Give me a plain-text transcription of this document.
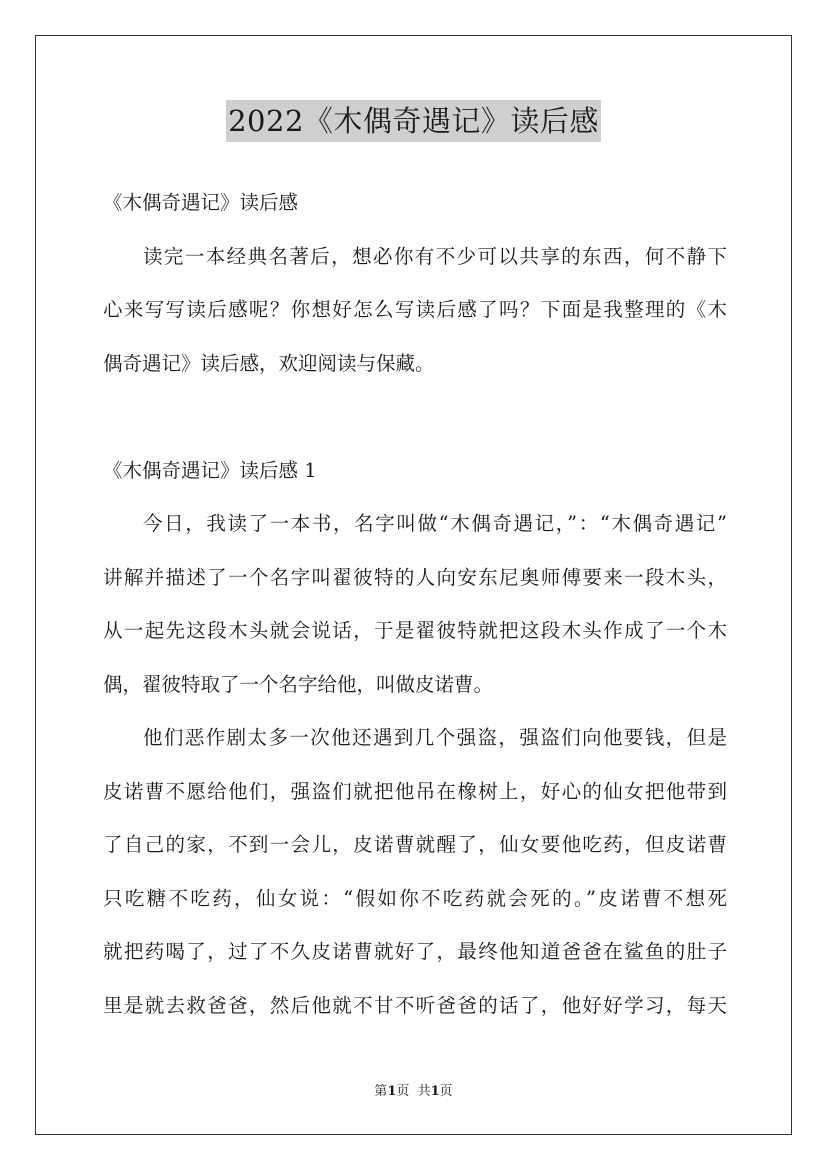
2022《木偶奇遇记》读后感
《木偶奇遇记》读后感
读完一本经典名著后，想必你有不少可以共享的东西，何不静下
心来写写读后感呢？你想好怎么写读后感了吗？下面是我整理的《木
偶奇遇记》读后感，欢迎阅读与保藏。
《木偶奇遇记》读后感 1
今日，我读了一本书，名字叫做“木偶奇遇记，”：“木偶奇遇记”
讲解并描述了一个名字叫翟彼特的人向安东尼奥师傅要来一段木头，
从一起先这段木头就会说话，于是翟彼特就把这段木头作成了一个木
偶，翟彼特取了一个名字给他，叫做皮诺曹。
他们恶作剧太多一次他还遇到几个强盗，强盗们向他要钱，但是
皮诺曹不愿给他们，强盗们就把他吊在橡树上，好心的仙女把他带到
了自己的家，不到一会儿，皮诺曹就醒了，仙女要他吃药，但皮诺曹
只吃糖不吃药，仙女说：“假如你不吃药就会死的。”皮诺曹不想死
就把药喝了，过了不久皮诺曹就好了，最终他知道爸爸在鲨鱼的肚子
里是就去救爸爸，然后他就不甘不听爸爸的话了，他好好学习，每天
第1页  共1页
